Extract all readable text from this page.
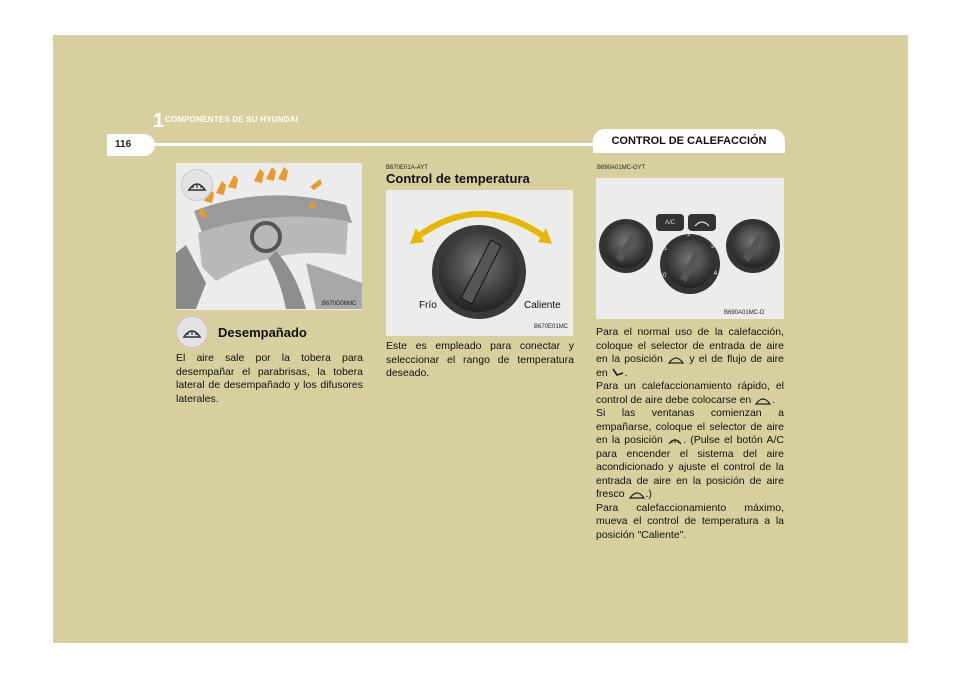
1 COMPONENTES DE SU HYUNDAI
116	CONTROL DE CALEFACCIÓN
B670D06MC

Desempañado

El aire sale por la tobera para desempañar el parabrisas, la tobera lateral de desempañado y los difusores laterales.

B670E01A-AYT

Control de temperatura

Frío	Caliente
B670E01MC

Este es empleado para conectar y seleccionar el rango de temperatura deseado.

B690A01MC-GYT
A/C
B690A01MC-D
0
1
2
3
4

Para el normal uso de la calefacción, coloque el selector de entrada de aire en la posición	y el de flujo de aire en .
Para un calefaccionamiento rápido, el control de aire debe colocarse en .
Si las ventanas comienzan a empañarse, coloque el selector de aire en la posición . (Pulse el botón A/C para encender el sistema del aire acondicionado y ajuste el control de la entrada de aire en la posición de aire fresco .)
Para calefaccionamiento máximo, mueva el control de temperatura a la posición "Caliente".
